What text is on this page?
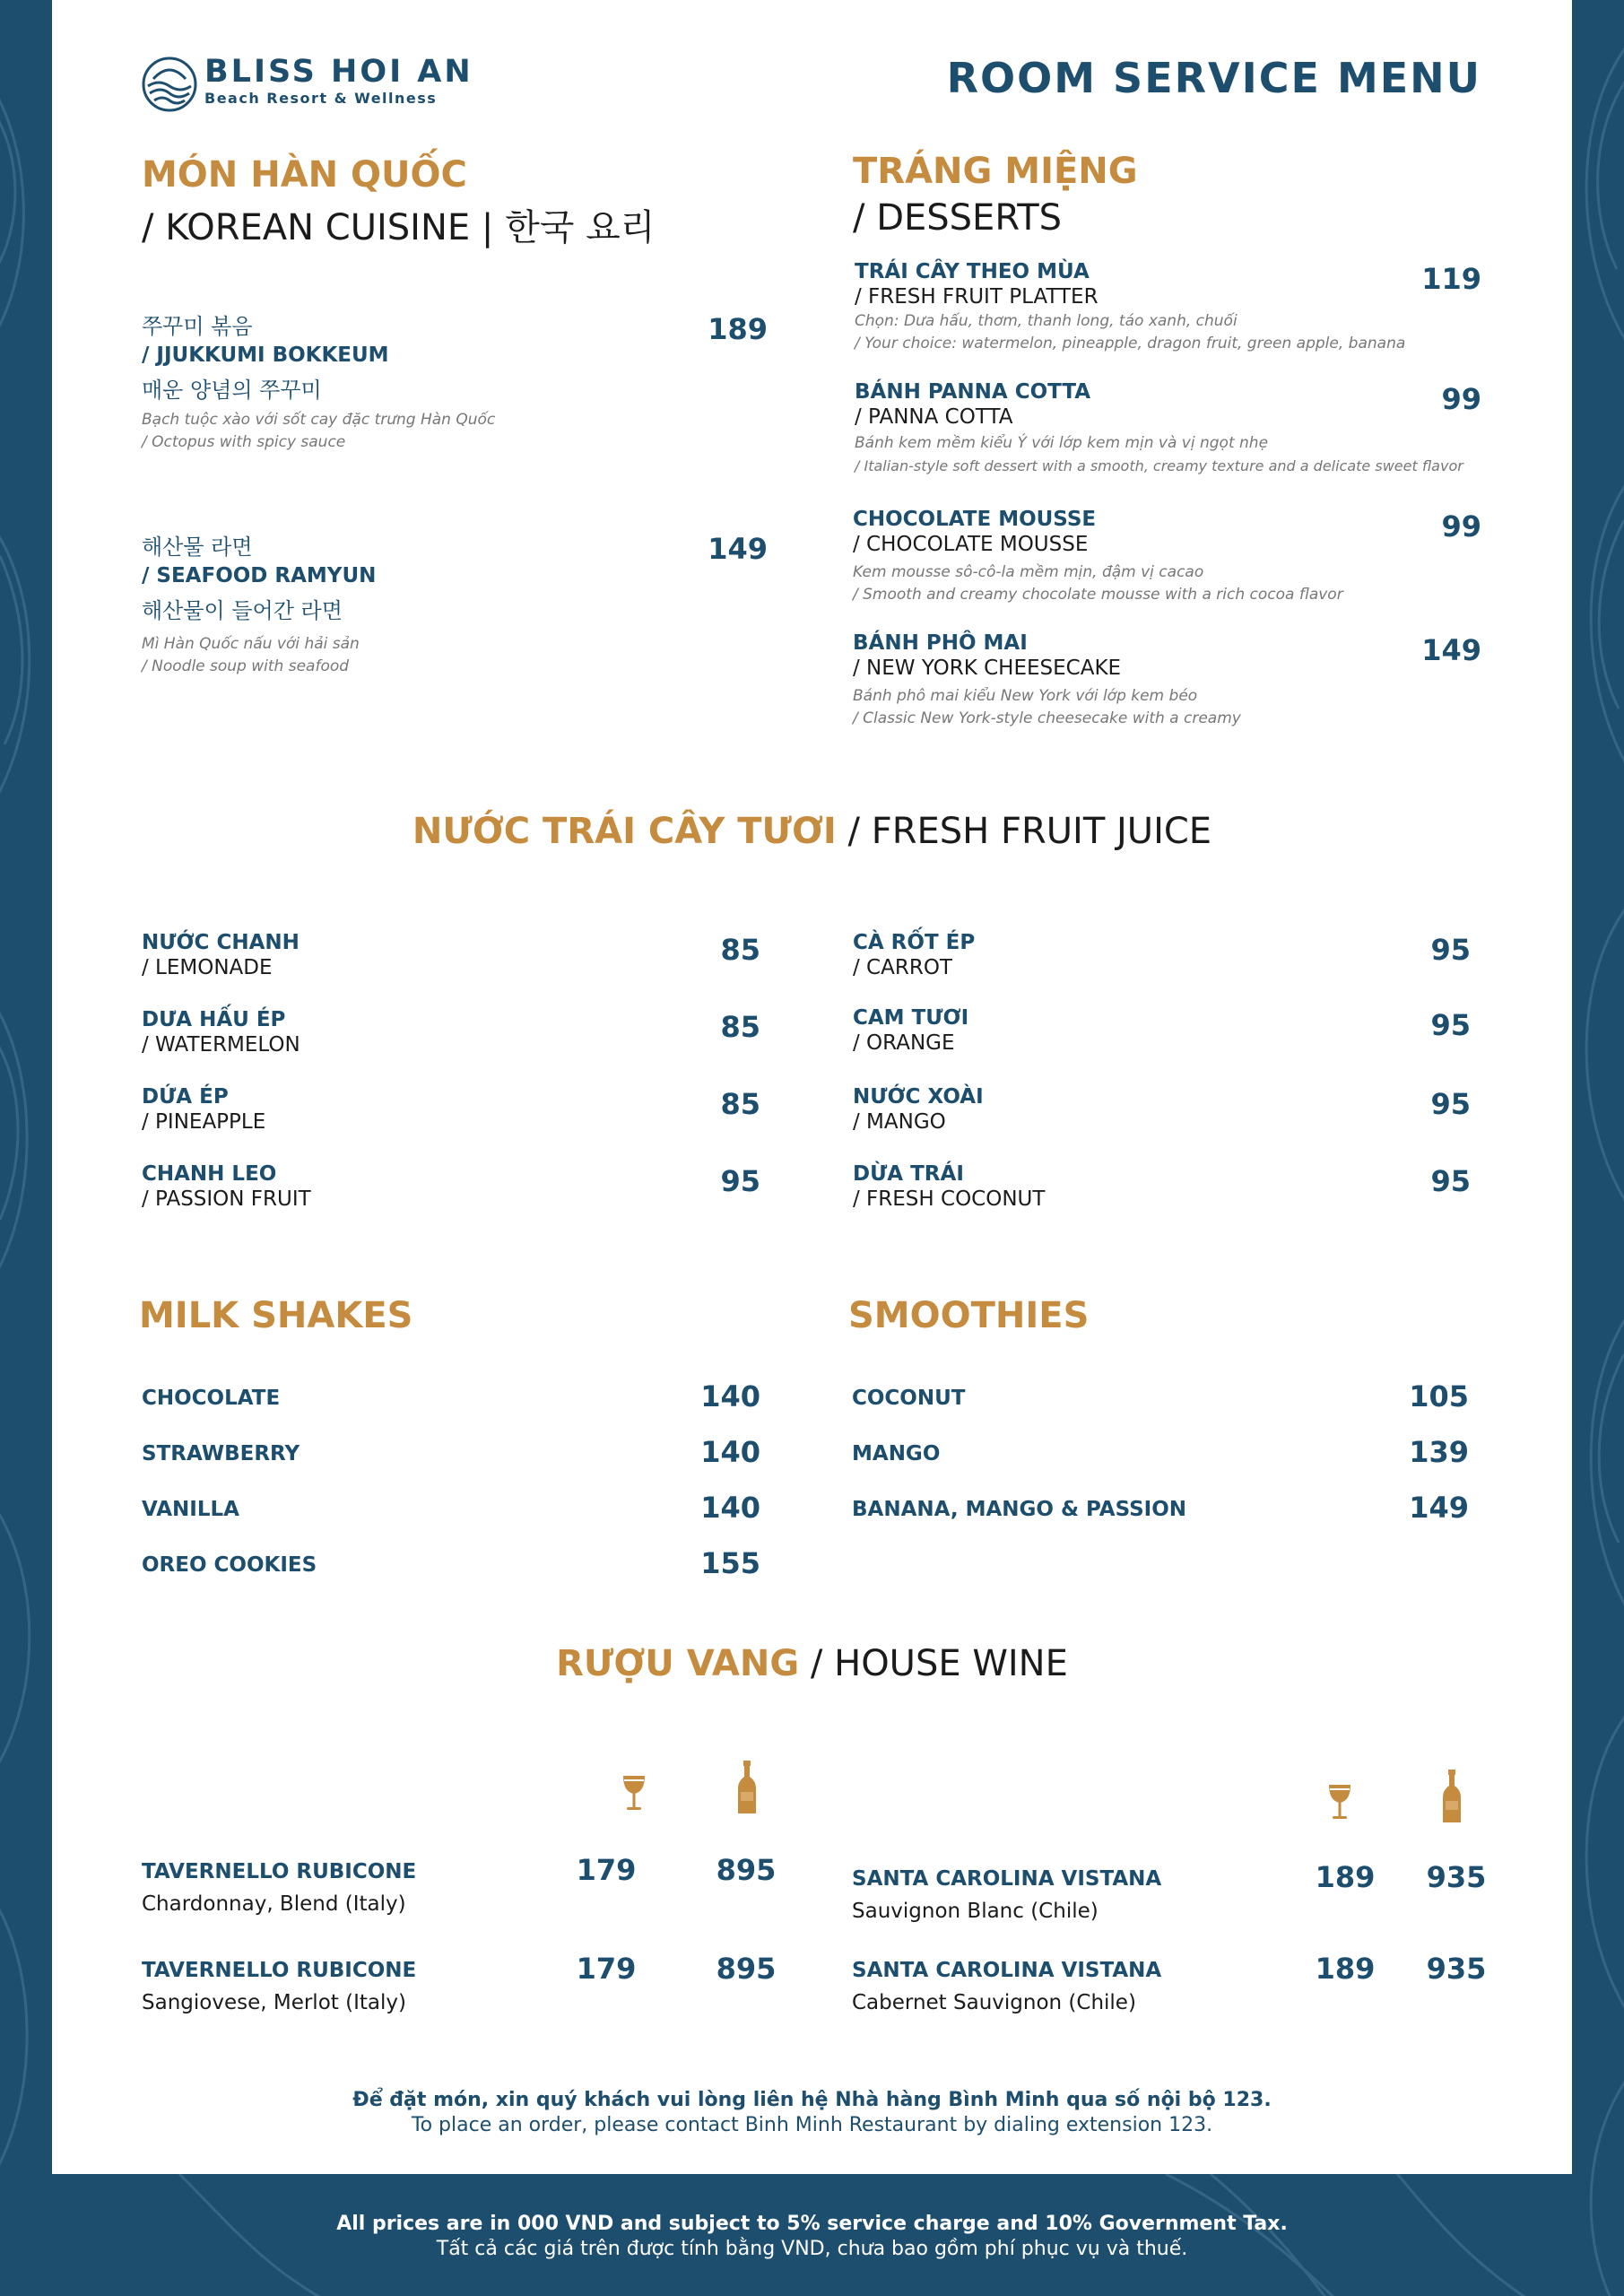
BLISS HOI AN
Beach Resort & Wellness	ROOM SERVICE MENU
MÓN HÀN QUỐC
/ KOREAN CUISINE | 한국 요리
쭈꾸미 볶음
/ JJUKKUMI BOKKEUM
매운 양념의 쭈꾸미
Bạch tuộc xào với sốt cay đặc trưng Hàn Quốc
/ Octopus with spicy sauce
189
해산물 라면
/ SEAFOOD RAMYUN
해산물이 들어간 라면
Mì Hàn Quốc nấu với hải sản
/ Noodle soup with seafood
149
TRÁNG MIỆNG
/ DESSERTS
TRÁI CÂY THEO MÙA
/ FRESH FRUIT PLATTER
Chọn: Dưa hấu, thơm, thanh long, táo xanh, chuối
/ Your choice: watermelon, pineapple, dragon fruit, green apple, banana
119
BÁNH PANNA COTTA
/ PANNA COTTA
Bánh kem mềm kiểu Ý với lớp kem mịn và vị ngọt nhẹ
/ Italian-style soft dessert with a smooth, creamy texture and a delicate sweet flavor
99
CHOCOLATE MOUSSE
/ CHOCOLATE MOUSSE
Kem mousse sô-cô-la mềm mịn, đậm vị cacao
/ Smooth and creamy chocolate mousse with a rich cocoa flavor
99
BÁNH PHÔ MAI
/ NEW YORK CHEESECAKE
Bánh phô mai kiểu New York với lớp kem béo
/ Classic New York-style cheesecake with a creamy
149
NƯỚC TRÁI CÂY TƯƠI / FRESH FRUIT JUICE
NƯỚC CHANH
/ LEMONADE
85
DƯA HẤU ÉP
/ WATERMELON
85
DỨA ÉP
/ PINEAPPLE
85
CHANH LEO
/ PASSION FRUIT
95
CÀ RỐT ÉP
/ CARROT
95
CAM TƯƠI
/ ORANGE
95
NƯỚC XOÀI
/ MANGO
95
DỪA TRÁI
/ FRESH COCONUT
95
MILK SHAKES
CHOCOLATE	140
STRAWBERRY	140
VANILLA	140
OREO COOKIES	155
SMOOTHIES
COCONUT	105
MANGO	139
BANANA, MANGO & PASSION	149
RƯỢU VANG / HOUSE WINE
TAVERNELLO RUBICONE
Chardonnay, Blend (Italy)
179	895
TAVERNELLO RUBICONE
Sangiovese, Merlot (Italy)
179	895
SANTA CAROLINA VISTANA
Sauvignon Blanc (Chile)
189	935
SANTA CAROLINA VISTANA
Cabernet Sauvignon (Chile)
189	935
Để đặt món, xin quý khách vui lòng liên hệ Nhà hàng Bình Minh qua số nội bộ 123.
To place an order, please contact Binh Minh Restaurant by dialing extension 123.
All prices are in 000 VND and subject to 5% service charge and 10% Government Tax.
Tất cả các giá trên được tính bằng VND, chưa bao gồm phí phục vụ và thuế.
